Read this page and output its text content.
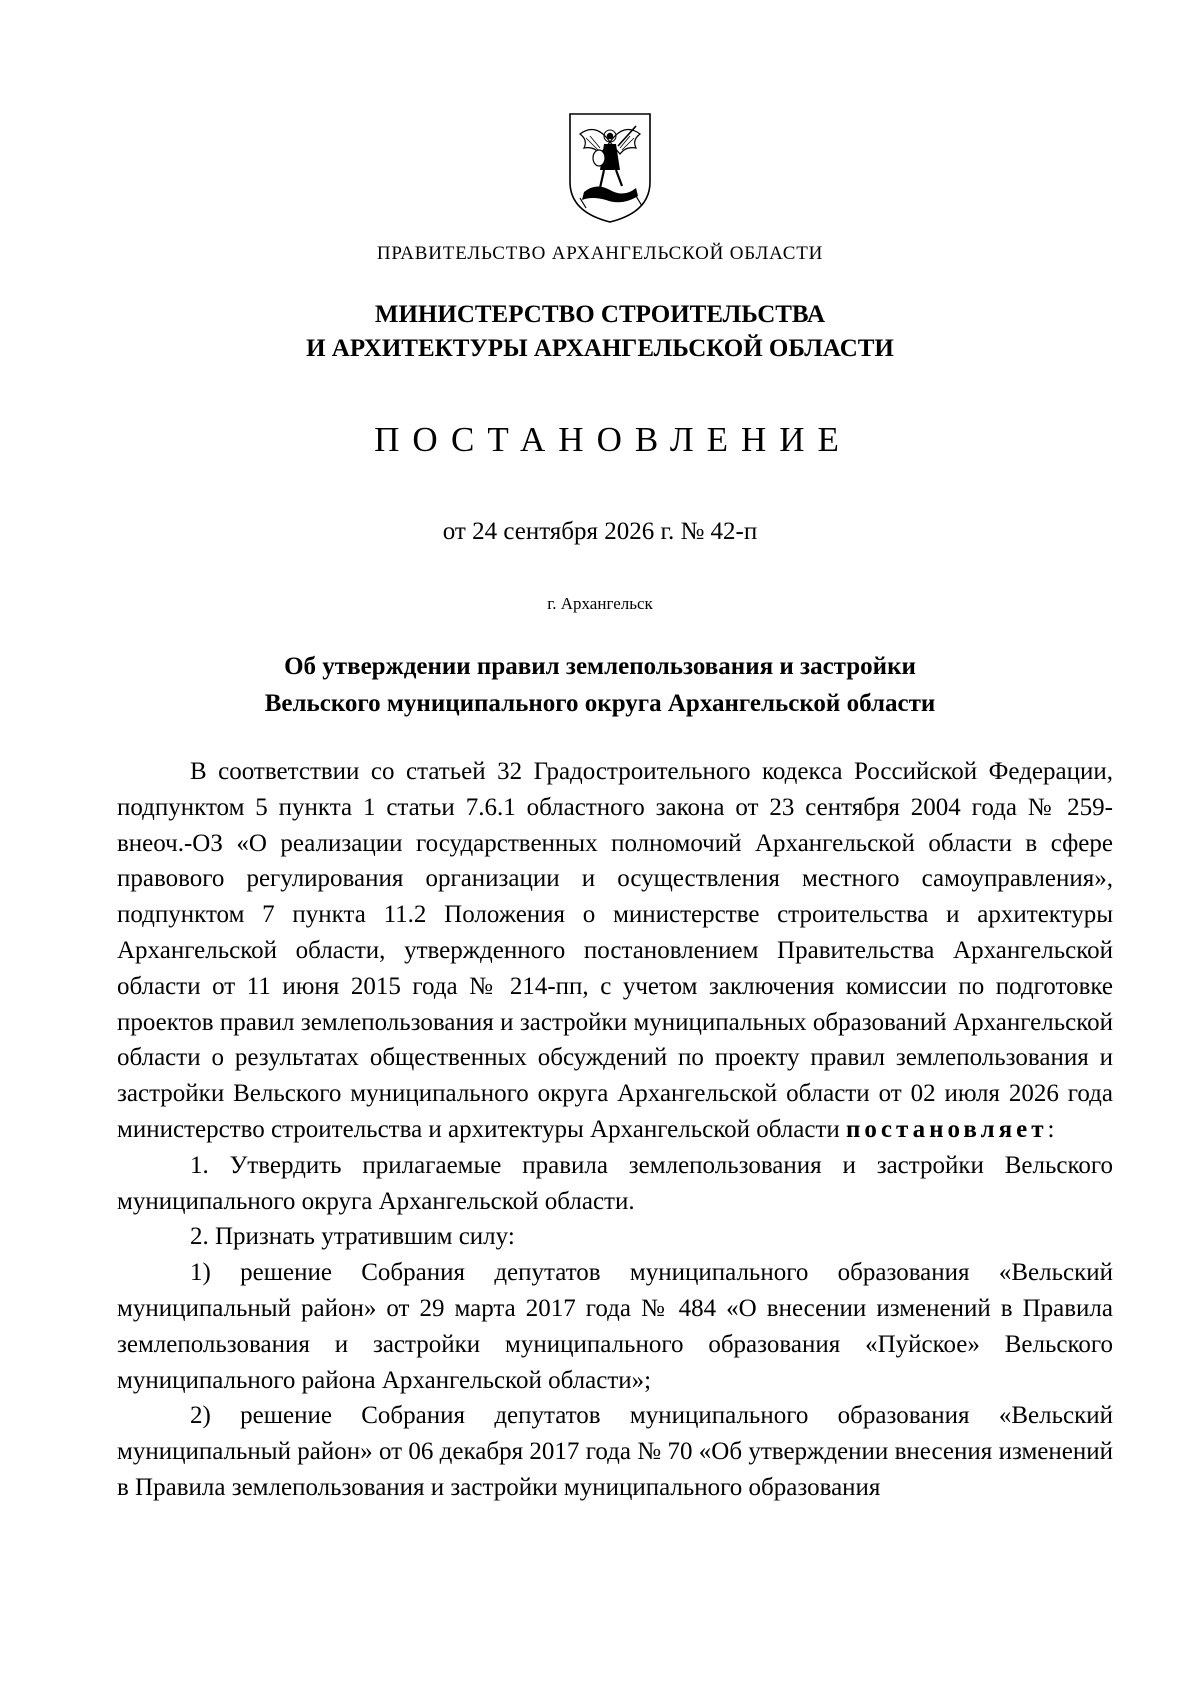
ПРАВИТЕЛЬСТВО АРХАНГЕЛЬСКОЙ ОБЛАСТИ
МИНИСТЕРСТВО СТРОИТЕЛЬСТВА
И АРХИТЕКТУРЫ АРХАНГЕЛЬСКОЙ ОБЛАСТИ
ПОСТАНОВЛЕНИЕ
от 24 сентября 2026 г. № 42-п
г. Архангельск
Об утверждении правил землепользования и застройки
Вельского муниципального округа Архангельской области

В соответствии со статьей 32 Градостроительного кодекса Российской Федерации, подпунктом 5 пункта 1 статьи 7.6.1 областного закона от 23 сентября 2004 года № 259-внеоч.-ОЗ «О реализации государственных полномочий Архангельской области в сфере правового регулирования организации и осуществления местного самоуправления», подпунктом 7 пункта 11.2 Положения о министерстве строительства и архитектуры Архангельской области, утвержденного постановлением Правительства Архангельской области от 11 июня 2015 года № 214-пп, с учетом заключения комиссии по подготовке проектов правил землепользования и застройки муниципальных образований Архангельской области о результатах общественных обсуждений по проекту правил землепользования и застройки Вельского муниципального округа Архангельской области от 02 июля 2026 года министерство строительства и архитектуры Архангельской области постановляет:

1. Утвердить прилагаемые правила землепользования и застройки Вельского муниципального округа Архангельской области.

2. Признать утратившим силу:

1) решение Собрания депутатов муниципального образования «Вельский муниципальный район» от 29 марта 2017 года № 484 «О внесении изменений в Правила землепользования и застройки муниципального образования «Пуйское» Вельского муниципального района Архангельской области»;

2) решение Собрания депутатов муниципального образования «Вельский муниципальный район» от 06 декабря 2017 года № 70 «Об утверждении внесения изменений в Правила землепользования и застройки муниципального образования
